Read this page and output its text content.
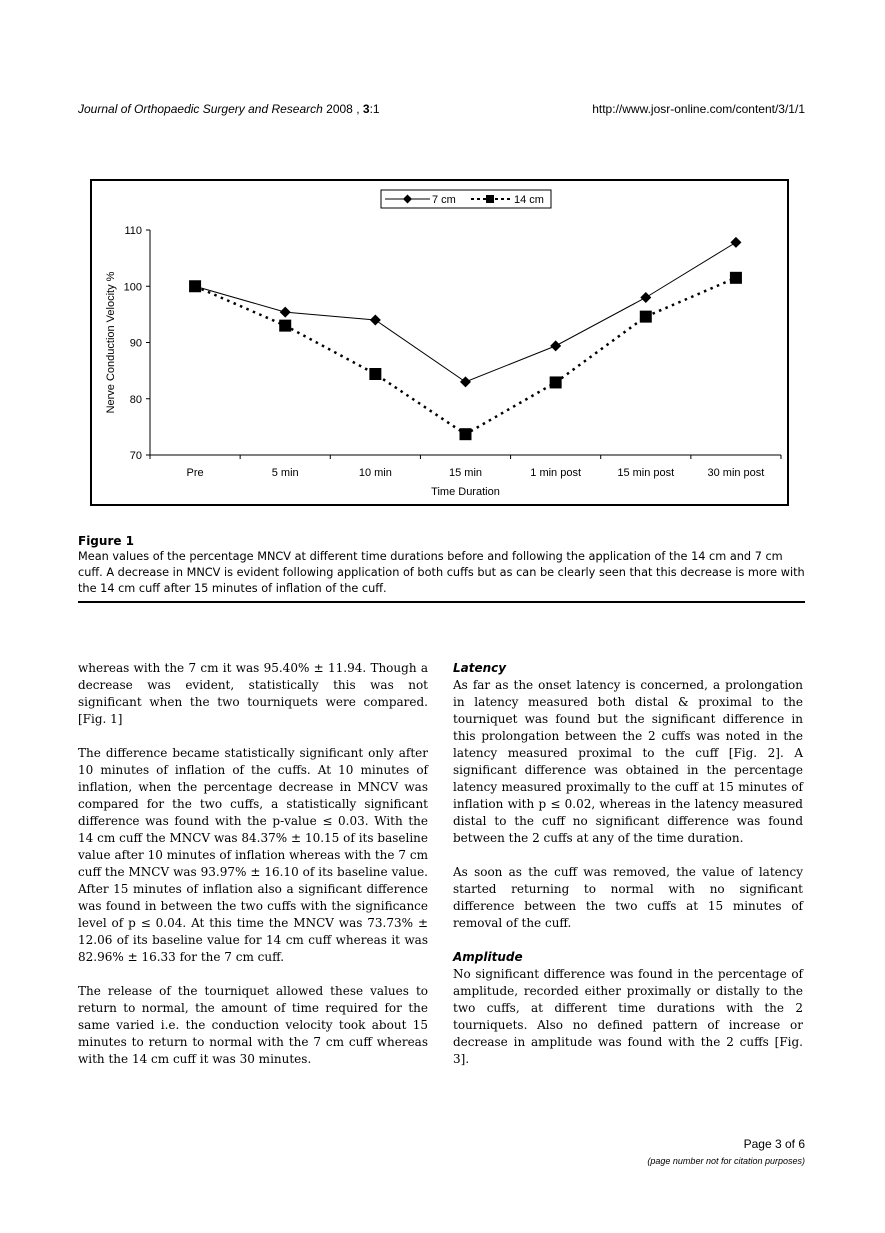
Journal of Orthopaedic Surgery and Research 2008 , 3:1	http://www.josr-online.com/content/3/1/1
7 cm	14 cm
70
80
90
100
110
Pre	5 min	10 min	15 min	1 min post	15 min post	30 min post
Nerve Conduction Velocity %
Time Duration
Figure 1
Mean values of the percentage MNCV at different time durations before and following the application of the 14 cm and 7 cm cuff. A decrease in MNCV is evident following application of both cuffs but as can be clearly seen that this decrease is more with the 14 cm cuff after 15 minutes of inflation of the cuff.

whereas with the 7 cm it was 95.40% ± 11.94. Though a decrease was evident, statistically this was not significant when the two tourniquets were compared. [Fig. 1]

The difference became statistically significant only after 10 minutes of inflation of the cuffs. At 10 minutes of inflation, when the percentage decrease in MNCV was compared for the two cuffs, a statistically significant difference was found with the p-value ≤ 0.03. With the 14 cm cuff the MNCV was 84.37% ± 10.15 of its baseline value after 10 minutes of inflation whereas with the 7 cm cuff the MNCV was 93.97% ± 16.10 of its baseline value. After 15 minutes of inflation also a significant difference was found in between the two cuffs with the significance level of p ≤ 0.04. At this time the MNCV was 73.73% ± 12.06 of its baseline value for 14 cm cuff whereas it was 82.96% ± 16.33 for the 7 cm cuff.

The release of the tourniquet allowed these values to return to normal, the amount of time required for the same varied i.e. the conduction velocity took about 15 minutes to return to normal with the 7 cm cuff whereas with the 14 cm cuff it was 30 minutes.

Latency

As far as the onset latency is concerned, a prolongation in latency measured both distal & proximal to the tourniquet was found but the significant difference in this prolongation between the 2 cuffs was noted in the latency measured proximal to the cuff [Fig. 2]. A significant difference was obtained in the percentage latency measured proximally to the cuff at 15 minutes of inflation with p ≤ 0.02, whereas in the latency measured distal to the cuff no significant difference was found between the 2 cuffs at any of the time duration.

As soon as the cuff was removed, the value of latency started returning to normal with no significant difference between the two cuffs at 15 minutes of removal of the cuff.

Amplitude

No significant difference was found in the percentage of amplitude, recorded either proximally or distally to the two cuffs, at different time durations with the 2 tourniquets. Also no defined pattern of increase or decrease in amplitude was found with the 2 cuffs [Fig. 3].

Page 3 of 6
(page number not for citation purposes)
